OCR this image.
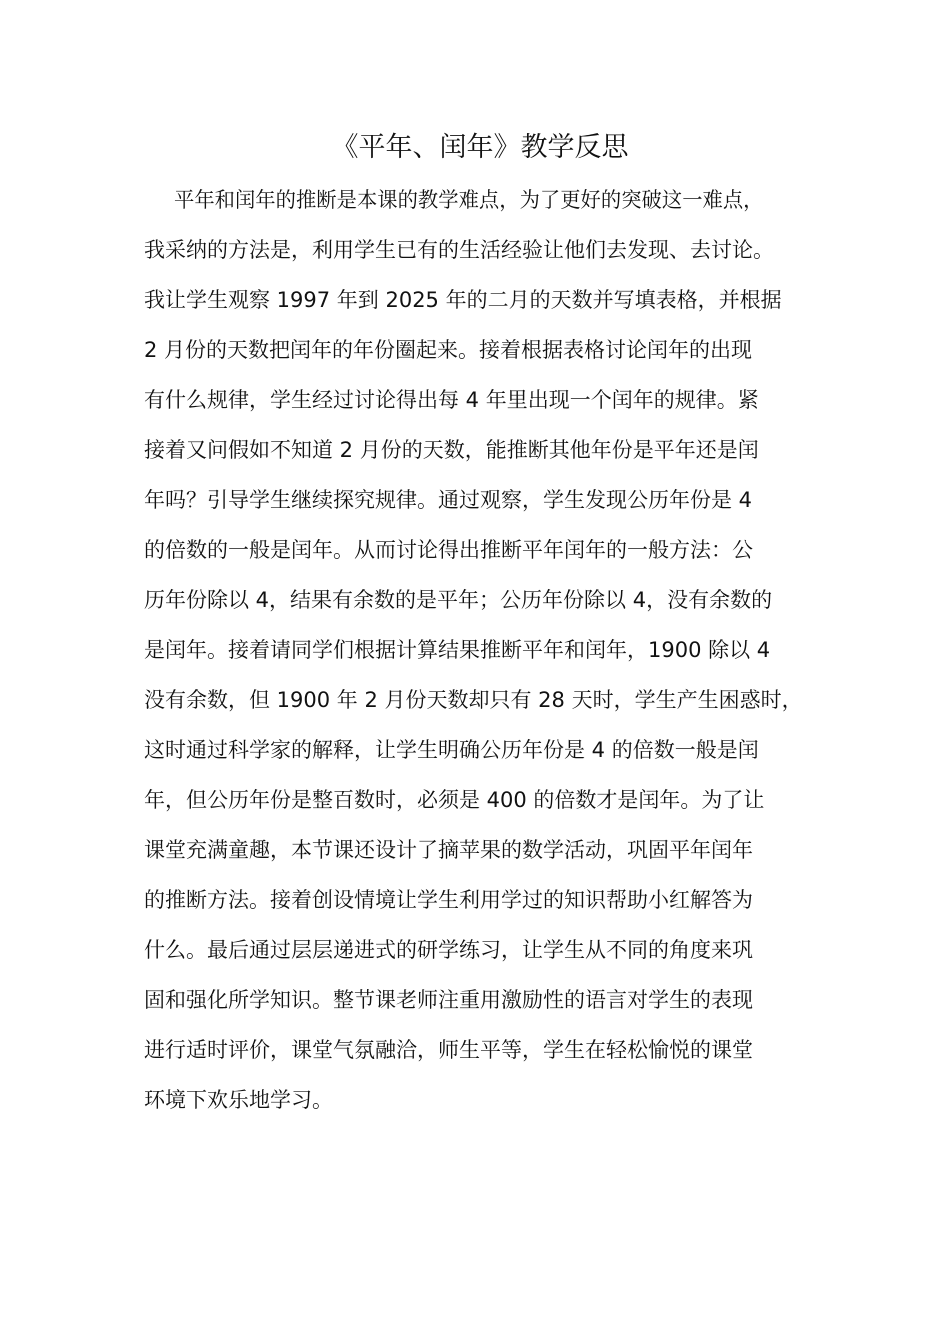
《平年、闰年》教学反思
平年和闰年的推断是本课的教学难点，为了更好的突破这一难点，
我采纳的方法是，利用学生已有的生活经验让他们去发现、去讨论。
我让学生观察 1997 年到 2025 年的二月的天数并写填表格，并根据
2 月份的天数把闰年的年份圈起来。接着根据表格讨论闰年的出现
有什么规律，学生经过讨论得出每 4 年里出现一个闰年的规律。紧
接着又问假如不知道 2 月份的天数，能推断其他年份是平年还是闰
年吗？引导学生继续探究规律。通过观察，学生发现公历年份是 4
的倍数的一般是闰年。从而讨论得出推断平年闰年的一般方法：公
历年份除以 4，结果有余数的是平年；公历年份除以 4，没有余数的
是闰年。接着请同学们根据计算结果推断平年和闰年，1900 除以 4
没有余数，但 1900 年 2 月份天数却只有 28 天时，学生产生困惑时，
这时通过科学家的解释，让学生明确公历年份是 4 的倍数一般是闰
年，但公历年份是整百数时，必须是 400 的倍数才是闰年。为了让
课堂充满童趣，本节课还设计了摘苹果的数学活动，巩固平年闰年
的推断方法。接着创设情境让学生利用学过的知识帮助小红解答为
什么。最后通过层层递进式的研学练习，让学生从不同的角度来巩
固和强化所学知识。整节课老师注重用激励性的语言对学生的表现
进行适时评价，课堂气氛融洽，师生平等，学生在轻松愉悦的课堂
环境下欢乐地学习。
